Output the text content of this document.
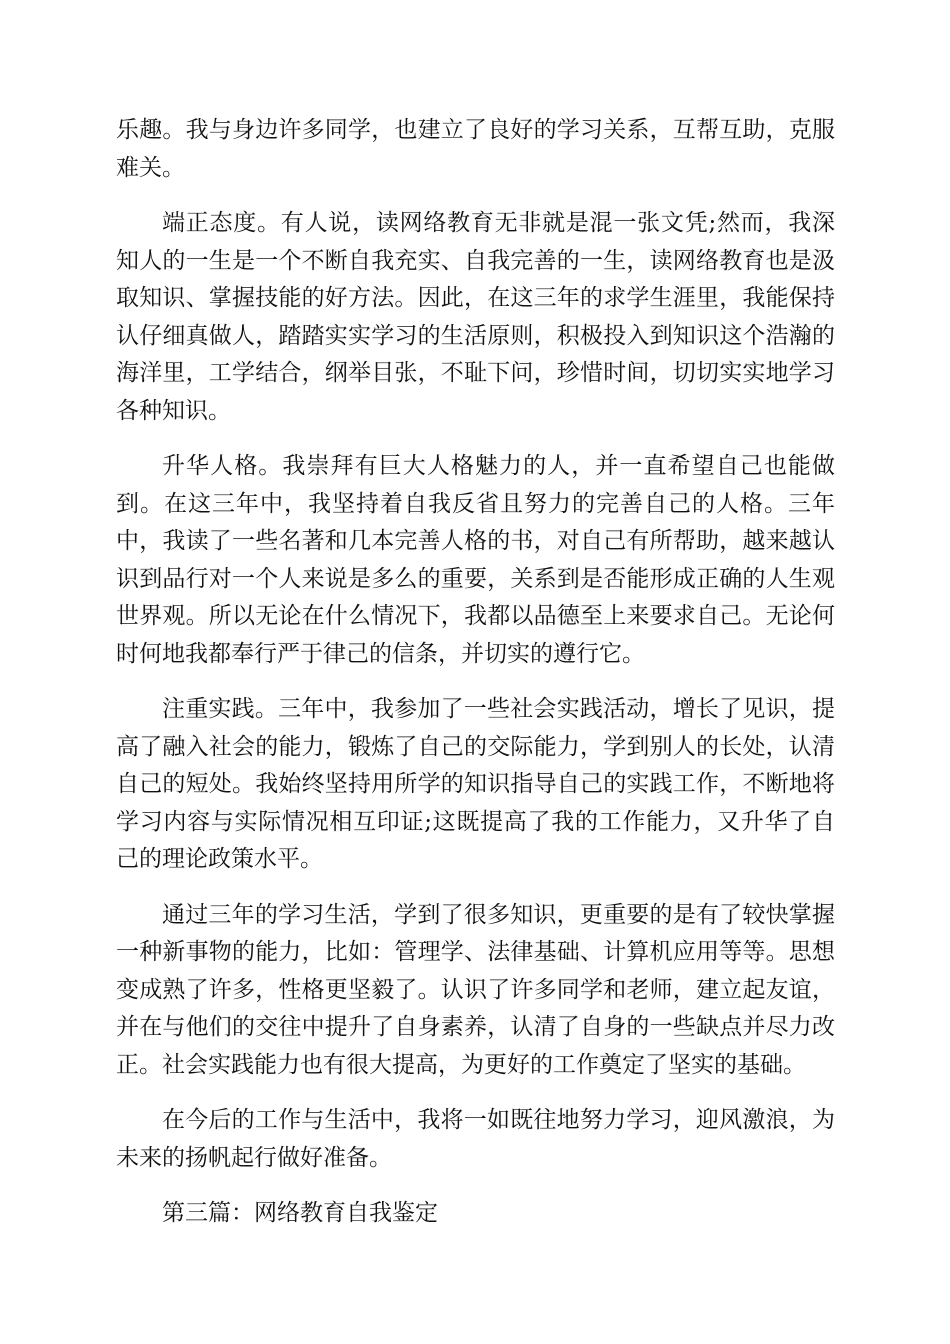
乐趣。我与身边许多同学，也建立了良好的学习关系，互帮互助，克服难关。

端正态度。有人说，读网络教育无非就是混一张文凭;然而，我深知人的一生是一个不断自我充实、自我完善的一生，读网络教育也是汲取知识、掌握技能的好方法。因此，在这三年的求学生涯里，我能保持认仔细真做人，踏踏实实学习的生活原则，积极投入到知识这个浩瀚的海洋里，工学结合，纲举目张，不耻下问，珍惜时间，切切实实地学习各种知识。

升华人格。我崇拜有巨大人格魅力的人，并一直希望自己也能做到。在这三年中，我坚持着自我反省且努力的完善自己的人格。三年中，我读了一些名著和几本完善人格的书，对自己有所帮助，越来越认识到品行对一个人来说是多么的重要，关系到是否能形成正确的人生观世界观。所以无论在什么情况下，我都以品德至上来要求自己。无论何时何地我都奉行严于律己的信条，并切实的遵行它。

注重实践。三年中，我参加了一些社会实践活动，增长了见识，提高了融入社会的能力，锻炼了自己的交际能力，学到别人的长处，认清自己的短处。我始终坚持用所学的知识指导自己的实践工作，不断地将学习内容与实际情况相互印证;这既提高了我的工作能力，又升华了自己的理论政策水平。

通过三年的学习生活，学到了很多知识，更重要的是有了较快掌握一种新事物的能力，比如：管理学、法律基础、计算机应用等等。思想变成熟了许多，性格更坚毅了。认识了许多同学和老师，建立起友谊，并在与他们的交往中提升了自身素养，认清了自身的一些缺点并尽力改正。社会实践能力也有很大提高，为更好的工作奠定了坚实的基础。

在今后的工作与生活中，我将一如既往地努力学习，迎风激浪，为未来的扬帆起行做好准备。

第三篇：网络教育自我鉴定
